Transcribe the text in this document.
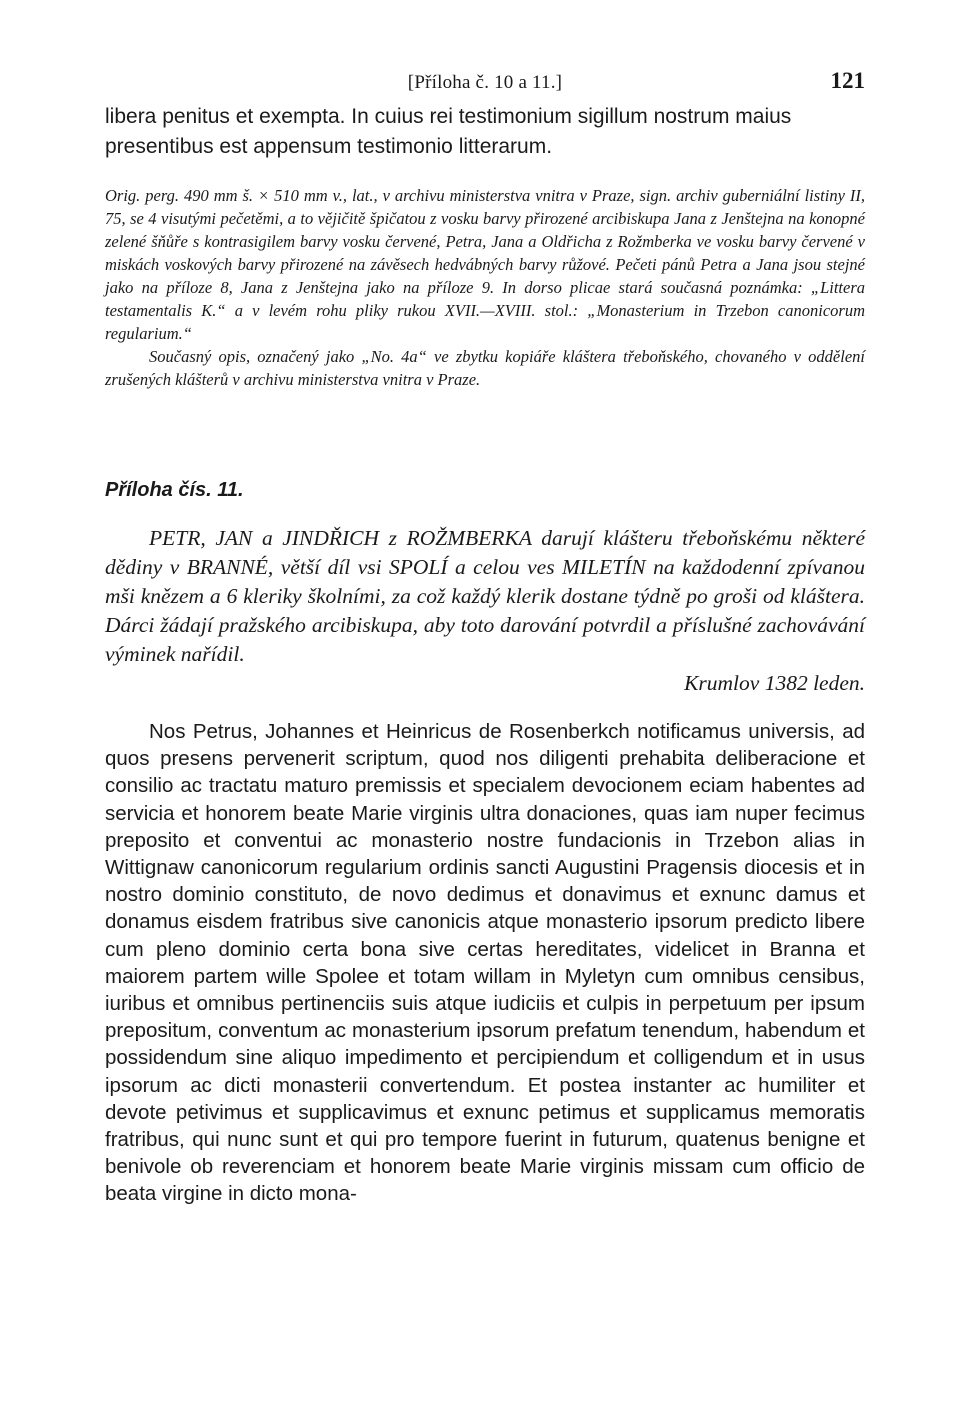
[Příloha č. 10 a 11.]	121

libera penitus et exempta. In cuius rei testimonium sigillum nostrum maius presentibus est appensum testimonio litterarum.

Orig. perg. 490 mm š. × 510 mm v., lat., v archivu ministerstva vnitra v Praze, sign. archiv guberniální listiny II, 75, se 4 visutými pečetěmi, a to vějičitě špičatou z vosku barvy přirozené arcibiskupa Jana z Jenštejna na konopné zelené šňůře s kontrasigilem barvy vosku červené, Petra, Jana a Oldřicha z Rožmberka ve vosku barvy červené v miskách voskových barvy přirozené na závěsech hedvábných barvy růžové. Pečeti pánů Petra a Jana jsou stejné jako na příloze 8, Jana z Jenštejna jako na příloze 9. In dorso plicae stará současná poznámka: „Littera testamentalis K.“ a v levém rohu pliky rukou XVII.—XVIII. stol.: „Monasterium in Trzebon canonicorum regularium.“

Současný opis, označený jako „No. 4a“ ve zbytku kopiáře kláštera třeboňského, chovaného v oddělení zrušených klášterů v archivu ministerstva vnitra v Praze.

Příloha čís. 11.

PETR, JAN a JINDŘICH z ROŽMBERKA darují klášteru třeboňskému některé dědiny v BRANNÉ, větší díl vsi SPOLÍ a celou ves MILETÍN na každodenní zpívanou mši knězem a 6 kleriky školními, za což každý klerik dostane týdně po groši od kláštera. Dárci žádají pražského arcibiskupa, aby toto darování potvrdil a příslušné zachovávání výminek nařídil.

Krumlov 1382 leden.

Nos Petrus, Johannes et Heinricus de Rosenberkch notificamus universis, ad quos presens pervenerit scriptum, quod nos diligenti prehabita deliberacione et consilio ac tractatu maturo premissis et specialem devocionem eciam habentes ad servicia et honorem beate Marie virginis ultra donaciones, quas iam nuper fecimus preposito et conventui ac monasterio nostre fundacionis in Trzebon alias in Wittignaw canonicorum regularium ordinis sancti Augustini Pragensis diocesis et in nostro dominio constituto, de novo dedimus et donavimus et exnunc damus et donamus eisdem fratribus sive canonicis atque monasterio ipsorum predicto libere cum pleno dominio certa bona sive certas hereditates, videlicet in Branna et maiorem partem wille Spolee et totam willam in Myletyn cum omnibus censibus, iuribus et omnibus pertinenciis suis atque iudiciis et culpis in perpetuum per ipsum prepositum, conventum ac monasterium ipsorum prefatum tenendum, habendum et possidendum sine aliquo impedimento et percipiendum et colligendum et in usus ipsorum ac dicti monasterii convertendum. Et postea instanter ac humiliter et devote petivimus et supplicavimus et exnunc petimus et supplicamus memoratis fratribus, qui nunc sunt et qui pro tempore fuerint in futurum, quatenus benigne et benivole ob reverenciam et honorem beate Marie virginis missam cum officio de beata virgine in dicto mona-
